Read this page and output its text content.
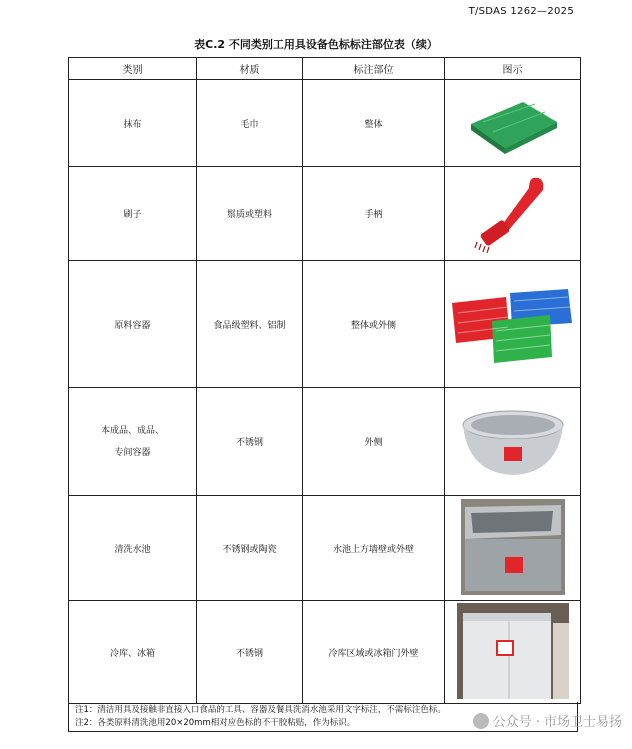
T/SDAS 1262—2025
表C.2 不同类别工用具设备色标标注部位表（续）
类别	材质	标注部位	图示
抹布	毛巾	整体	
刷子	鬃质或塑料	手柄	
原料容器	食品级塑料、铝制	整体或外侧	

本成品、成品、
专间容器	不锈钢	外侧	
清洗水池	不锈钢或陶瓷	水池上方墙壁或外壁	
冷库、冰箱	不锈钢	冷库区域或冰箱门外壁	
注1：清洁用具及接触非直接入口食品的工具、容器及餐具洗消水池采用文字标注，不需标注色标。
注2：各类原料清洗池用20×20mm相对应色标的不干胶粘贴，作为标识。	公众号 · 市场卫士易扬
